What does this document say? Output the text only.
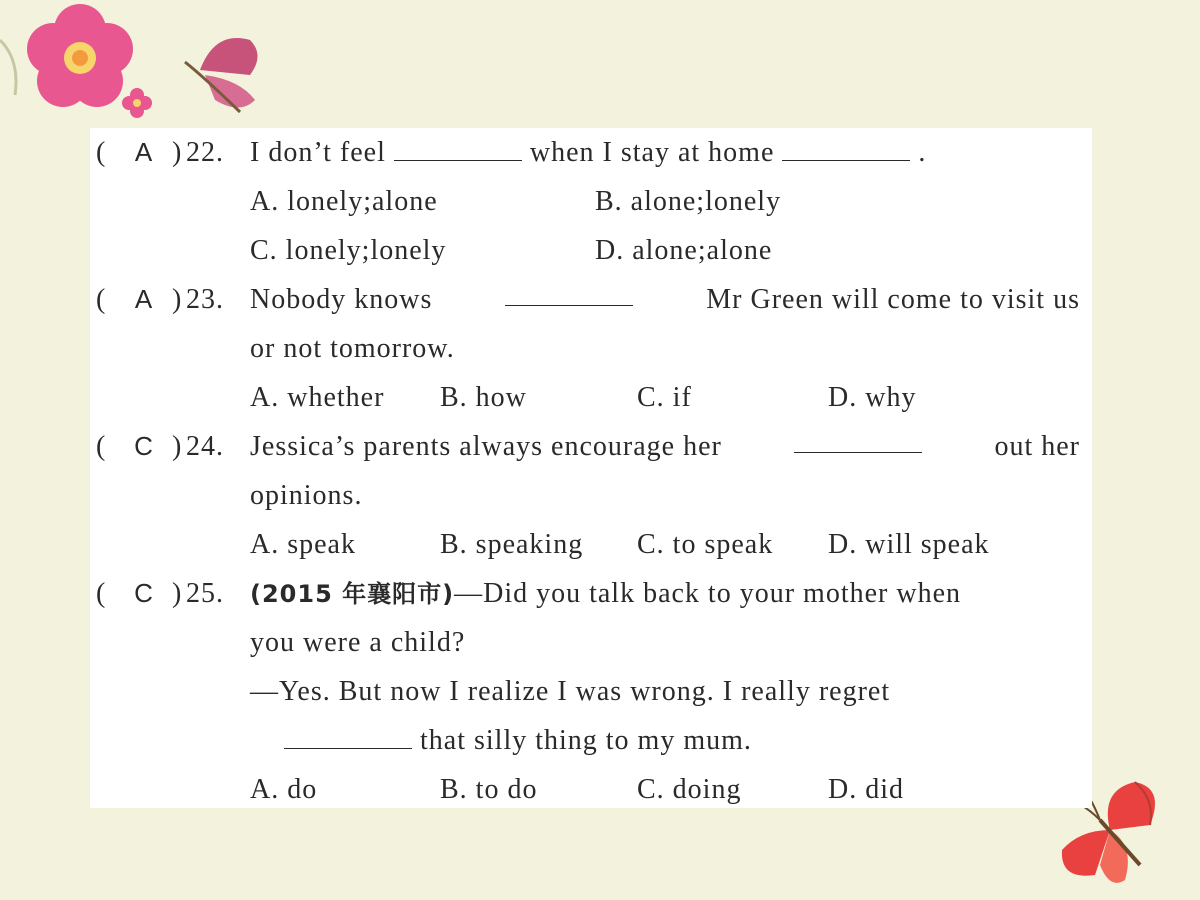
( A ) 22. I don’t feel	when I stay at home	.
A. lonely;alone	B. alone;lonely
C. lonely;lonely	D. alone;alone
( A ) 23. Nobody knows	Mr Green will come to visit us
or not tomorrow.
A. whether B. how	C. if	D. why
( C ) 24. Jessica’s parents always encourage her	out her
opinions.
A. speak	B. speaking C. to speak D. will speak
( C ) 25. (2015 年襄阳市)—Did you talk back to your mother when
you were a child?
—Yes. But now I realize I was wrong. I really regret
that silly thing to my mum.
A. do	B. to do	C. doing	D. did
